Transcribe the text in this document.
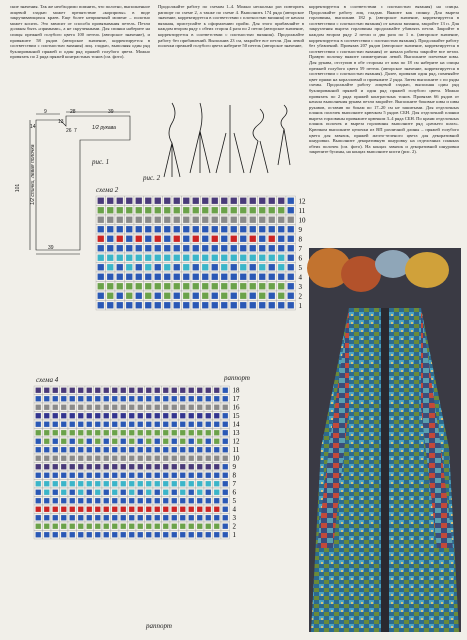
ские значения. Так же необходимо помнить, что полотно, выполненное лицевой гладью может препятствие «корпризы» в виде закручивающихся краев. Еще более неприятный момент – полотно может косить. Это зависит от способа провязывания петель. Петли должны быть «прямыми», а не скрученными. Для спинки наберите на спицы прежней голубого цвета 100 петель (авторское значение), и провяжите 58 рядов (авторское значение, корректируется в соответствии с плотностью вязания) лиц. гладью, выполняя один ряд буклированной пряжей и один ряд пряжей голубого цвета. Можно провязать по 2 ряда пряжей контрастных тонов (см. фото).
Продолжайте работу по схемам 1–4. Можно несколько раз повторить раппорт по схеме 2, а также по схеме 4. Выполнить 174 ряда (авторское значение, корректируется в соответствии с плотностью вязания) от начала вязания, приступайте к оформлению пройм. Для этого прибавляйте в каждом втором ряду с обеих сторон 4 раза по 2 петли (авторское значение, корректируется в соответствии с плотностью вязания). Продолжайте работу без прибавлений. Выполнив 23 см, закройте все петли. Для левой полочки прежней голубого цвета наберите 50 петель (авторское значение,
корректируется в соответствии с плотностью вязания) на спицы. Продолжайте работу лиц. гладью. Вяжите как спинку. Для выреза горловины, выполнив 182 р. (авторское значение, корректируется в соответствии с плотностью вязания) от начала вязания, закройте 13 п. Для закругления выреза горловины продолжайте убавлять петли. Закройте в каждом втором ряду 2 петли и два раза по 1 п. (авторское значение, корректируется в соответствии с плотностью вязания). Продолжайте работу без убавлений. Провязав 207 рядов (авторское значение, корректируется в соответствии с плотностью вязания) от начала работы закройте все петли. Правую полочку вяжите симметрично левой. Выполните плечевые швы. Для рукава, отступив в обе стороны от шва по 18 см наберите на спицы прежней голубого цвета 59 петель (авторское значение, корректируется в соответствии с плотностью вязания). Далее, провязав один ряд, поменяйте цвет пряжи на коралловый и провяжите 2 ряда. Затем выполните с по ряды схемы. Продолжайте работу лицевой гладью, выполняя один ряд буклированной пряжей и один ряд пряжей голубого цвета. Можно провязать по 2 ряда пряжей контрастных тонов. Провязав 66 рядов от начала выполнения рукава петли закройте. Выполните боковые швы и швы рукавов, оставив по бокам по 17–20 см не зашитыми. Для отделочных планок полочек выполните крючком 5 рядов СБН. Для отделочной планки выреза горловины провяжите крючком 3–4 ряда СБН. По краям отделочных планок полочек и выреза горловины выполните ряд «рачьего шага». Крючком выполните цепочки из ВП различной длины – пряжей голубого цвета для завязок, пряжей желто-зеленого цвета для декоративной шнуровки. Выполните декоративную шнуровку на отделочных планках обеих полочек (см. фото). На концах завязок и декоративной шнуровки закрепите бусины, на концах выполните кисти (рис. 2).
9	28	39
13
14
26
101
7
39
1/2 рукава
1/2 спинки, левая полочка	рис. 1
рис. 2
схема 2
12
11
10
9
8
7
6
5
4
3
2
1
раппорт
схема 4
18
17
16
15
14
13
12
11
10
9
8
7
6
5
4
3
2
1
раппорт
